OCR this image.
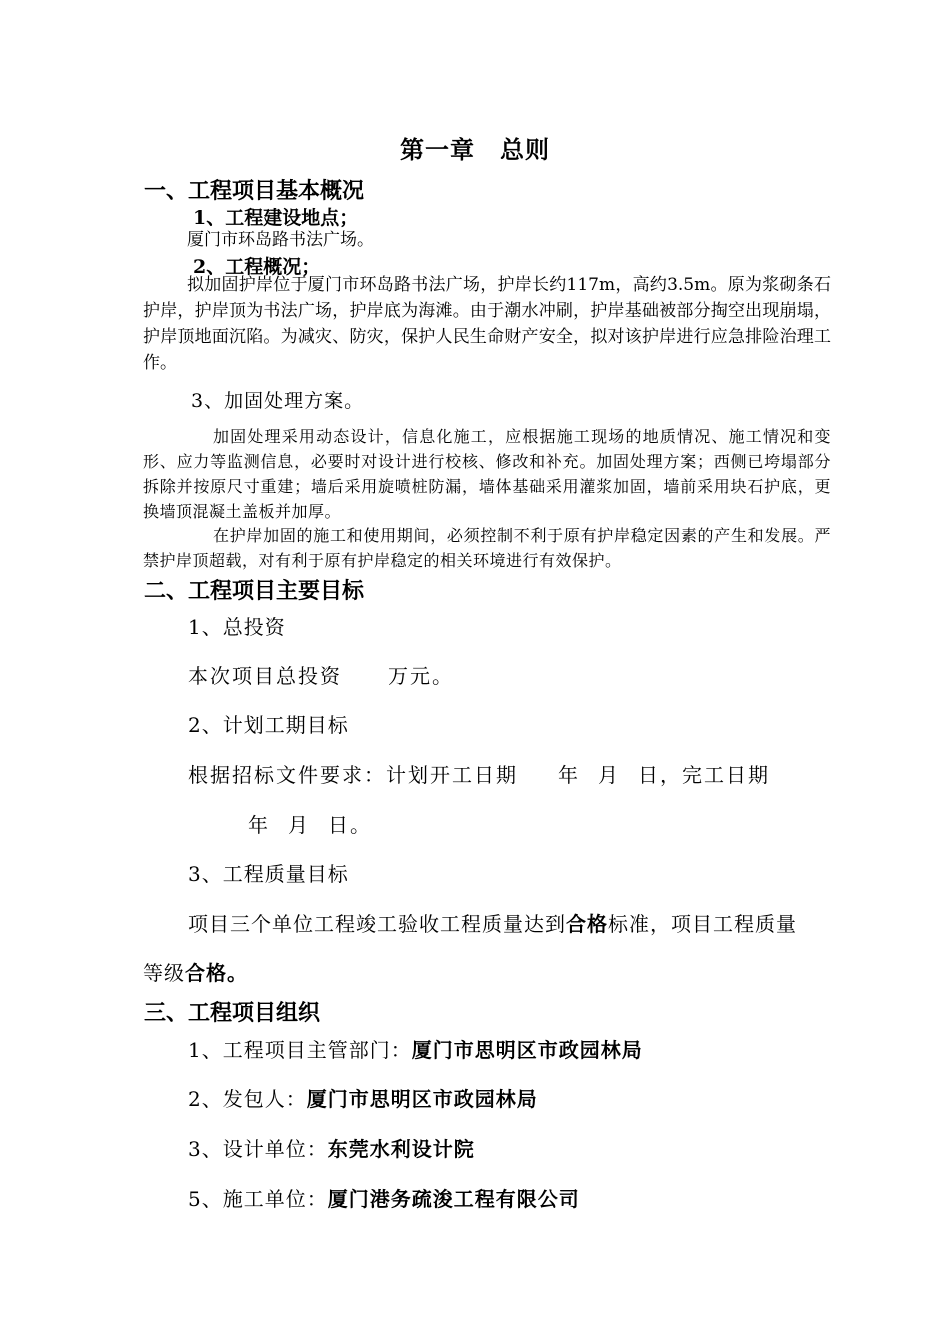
第一章　总则
一、工程项目基本概况
1、工程建设地点；
厦门市环岛路书法广场。
2、工程概况；

拟加固护岸位于厦门市环岛路书法广场，护岸长约117m，高约3.5m。原为浆砌条石护岸，护岸顶为书法广场，护岸底为海滩。由于潮水冲刷，护岸基础被部分掏空出现崩塌，护岸顶地面沉陷。为减灾、防灾，保护人民生命财产安全，拟对该护岸进行应急排险治理工作。

3、加固处理方案。

加固处理采用动态设计，信息化施工，应根据施工现场的地质情况、施工情况和变形、应力等监测信息，必要时对设计进行校核、修改和补充。加固处理方案；西侧已垮塌部分拆除并按原尺寸重建；墙后采用旋喷桩防漏，墙体基础采用灌浆加固，墙前采用块石护底，更换墙顶混凝土盖板并加厚。

在护岸加固的施工和使用期间，必须控制不利于原有护岸稳定因素的产生和发展。严禁护岸顶超载，对有利于原有护岸稳定的相关环境进行有效保护。

二、工程项目主要目标
1、总投资
本次项目总投资 万元。
2、计划工期目标
根据招标文件要求：计划开工日期 年 月 日，完工日期
年 月 日。
3、工程质量目标
项目三个单位工程竣工验收工程质量达到合格标准，项目工程质量
等级合格。
三、工程项目组织
1、工程项目主管部门：厦门市思明区市政园林局
2、发包人：厦门市思明区市政园林局
3、设计单位：东莞水利设计院
5、施工单位：厦门港务疏浚工程有限公司
